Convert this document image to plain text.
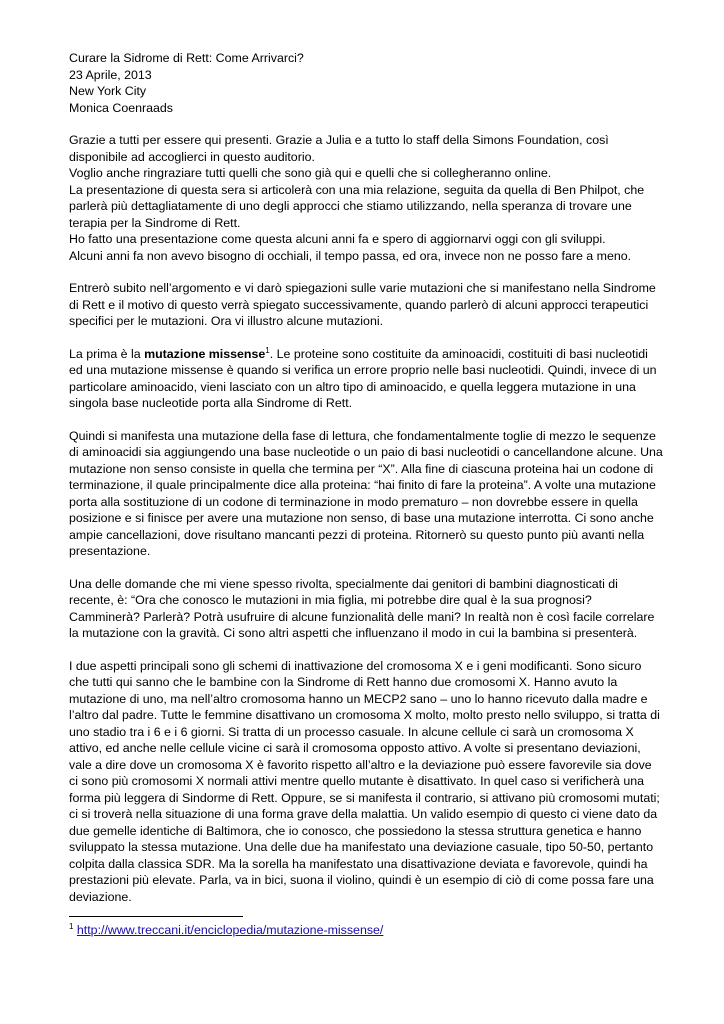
Curare la Sidrome di Rett: Come Arrivarci?

23 Aprile, 2013

New York City

Monica Coenraads

Grazie a tutti per essere qui presenti. Grazie a Julia e a tutto lo staff della Simons Foundation, così disponibile ad accoglierci in questo auditorio.

Voglio anche ringraziare tutti quelli che sono già qui e quelli che si collegheranno online.

La presentazione di questa sera si articolerà con una mia relazione, seguita da quella di Ben Philpot, che parlerà più dettagliatamente di uno degli approcci che stiamo utilizzando, nella speranza di trovare une terapia per la Sindrome di Rett.

Ho fatto una presentazione come questa alcuni anni fa e spero di aggiornarvi oggi con gli sviluppi.

Alcuni anni fa non avevo bisogno di occhiali, il tempo passa, ed ora, invece non ne posso fare a meno.

Entrerò subito nell’argomento e vi darò spiegazioni sulle varie mutazioni che si manifestano nella Sindrome di Rett e il motivo di questo verrà spiegato successivamente, quando parlerò di alcuni approcci terapeutici specifici per le mutazioni. Ora vi illustro alcune mutazioni.

La prima è la mutazione missense$^1$. Le proteine sono costituite da aminoacidi, costituiti di basi nucleotidi ed una mutazione missense è quando si verifica un errore proprio nelle basi nucleotidi. Quindi, invece di un particolare aminoacido, vieni lasciato con un altro tipo di aminoacido, e quella leggera mutazione in una singola base nucleotide porta alla Sindrome di Rett.

Quindi si manifesta una mutazione della fase di lettura, che fondamentalmente toglie di mezzo le sequenze di aminoacidi sia aggiungendo una base nucleotide o un paio di basi nucleotidi o cancellandone alcune. Una mutazione non senso consiste in quella che termina per “X”. Alla fine di ciascuna proteina hai un codone di terminazione, il quale principalmente dice alla proteina: “hai finito di fare la proteina”. A volte una mutazione porta alla sostituzione di un codone di terminazione in modo prematuro – non dovrebbe essere in quella posizione e si finisce per avere una mutazione non senso, di base una mutazione interrotta. Ci sono anche ampie cancellazioni, dove risultano mancanti pezzi di proteina. Ritornerò su questo punto più avanti nella presentazione.

Una delle domande che mi viene spesso rivolta, specialmente dai genitori di bambini diagnosticati di recente, è: “Ora che conosco le mutazioni in mia figlia, mi potrebbe dire qual è la sua prognosi? Camminerà? Parlerà? Potrà usufruire di alcune funzionalità delle mani? In realtà non è così facile correlare la mutazione con la gravità. Ci sono altri aspetti che influenzano il modo in cui la bambina si presenterà.

I due aspetti principali sono gli schemi di inattivazione del cromosoma X e i geni modificanti. Sono sicuro che tutti qui sanno che le bambine con la Sindrome di Rett hanno due cromosomi X. Hanno avuto la mutazione di uno, ma nell’altro cromosoma hanno un MECP2 sano – uno lo hanno ricevuto dalla madre e l’altro dal padre. Tutte le femmine disattivano un cromosoma X molto, molto presto nello sviluppo, si tratta di uno stadio tra i 6 e i 6 giorni. Si tratta di un processo casuale. In alcune cellule ci sarà un cromosoma X attivo, ed anche nelle cellule vicine ci sarà il cromosoma opposto attivo. A volte si presentano deviazioni, vale a dire dove un cromosoma X è favorito rispetto all’altro e la deviazione può essere favorevile sia dove ci sono più cromosomi X normali attivi mentre quello mutante è disattivato. In quel caso si verificherà una forma più leggera di Sindorme di Rett. Oppure, se si manifesta il contrario, si attivano più cromosomi mutati; ci si troverà nella situazione di una forma grave della malattia. Un valido esempio di questo ci viene dato da due gemelle identiche di Baltimora, che io conosco, che possiedono la stessa struttura genetica e hanno sviluppato la stessa mutazione. Una delle due ha manifestato una deviazione casuale, tipo 50-50, pertanto colpita dalla classica SDR. Ma la sorella ha manifestato una disattivazione deviata e favorevole, quindi ha prestazioni più elevate. Parla, va in bici, suona il violino, quindi è un esempio di ciò di come possa fare una deviazione.

$^1$ http://www.treccani.it/enciclopedia/mutazione-missense/
